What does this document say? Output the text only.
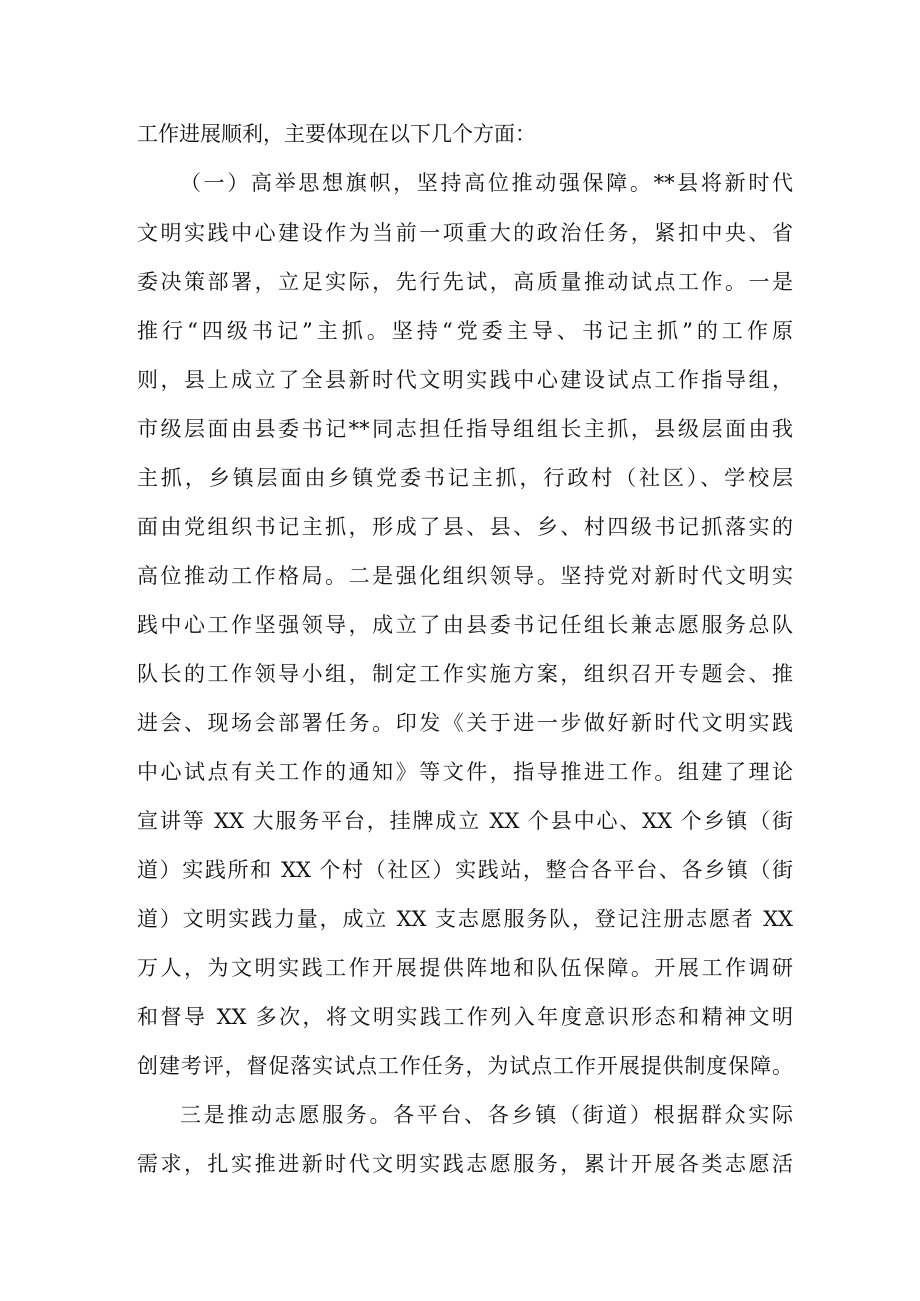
工作进展顺利，主要体现在以下几个方面：
（一）高举思想旗帜，坚持高位推动强保障。**县将新时代
文明实践中心建设作为当前一项重大的政治任务，紧扣中央、省
委决策部署，立足实际，先行先试，高质量推动试点工作。一是
推行“四级书记”主抓。坚持“党委主导、书记主抓”的工作原
则，县上成立了全县新时代文明实践中心建设试点工作指导组，
市级层面由县委书记**同志担任指导组组长主抓，县级层面由我
主抓，乡镇层面由乡镇党委书记主抓，行政村（社区）、学校层
面由党组织书记主抓，形成了县、县、乡、村四级书记抓落实的
高位推动工作格局。二是强化组织领导。坚持党对新时代文明实
践中心工作坚强领导，成立了由县委书记任组长兼志愿服务总队
队长的工作领导小组，制定工作实施方案，组织召开专题会、推
进会、现场会部署任务。印发《关于进一步做好新时代文明实践
中心试点有关工作的通知》等文件，指导推进工作。组建了理论
宣讲等 XX 大服务平台，挂牌成立 XX 个县中心、XX 个乡镇（街
道）实践所和 XX 个村（社区）实践站，整合各平台、各乡镇（街
道）文明实践力量，成立 XX 支志愿服务队，登记注册志愿者 XX
万人，为文明实践工作开展提供阵地和队伍保障。开展工作调研
和督导 XX 多次，将文明实践工作列入年度意识形态和精神文明
创建考评，督促落实试点工作任务，为试点工作开展提供制度保障。
三是推动志愿服务。各平台、各乡镇（街道）根据群众实际
需求，扎实推进新时代文明实践志愿服务，累计开展各类志愿活
